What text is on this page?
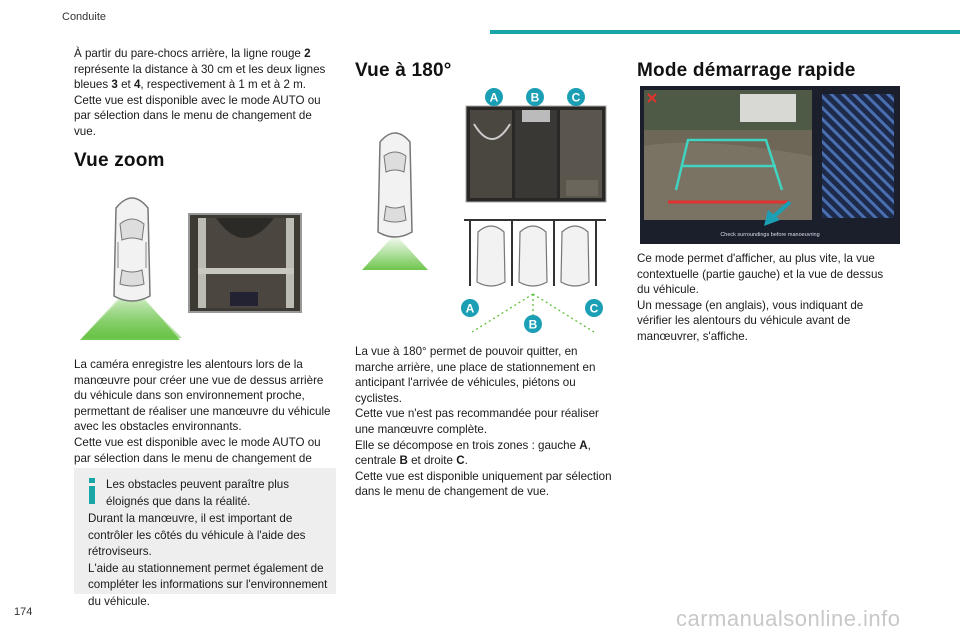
Conduite
À partir du pare-chocs arrière, la ligne rouge 2 représente la distance à 30 cm et les deux lignes bleues 3 et 4, respectivement à 1 m et à 2 m.
Cette vue est disponible avec le mode AUTO ou par sélection dans le menu de changement de vue.
Vue zoom
La caméra enregistre les alentours lors de la manœuvre pour créer une vue de dessus arrière du véhicule dans son environnement proche, permettant de réaliser une manœuvre du véhicule avec les obstacles environnants.
Cette vue est disponible avec le mode AUTO ou par sélection dans le menu de changement de
Les obstacles peuvent paraître plus éloignés que dans la réalité.
Durant la manœuvre, il est important de contrôler les côtés du véhicule à l'aide des rétroviseurs.
L'aide au stationnement permet également de compléter les informations sur l'environnement du véhicule.
Vue à 180°
A	B	C
A
B
C
La vue à 180° permet de pouvoir quitter, en marche arrière, une place de stationnement en anticipant l'arrivée de véhicules, piétons ou cyclistes.
Cette vue n'est pas recommandée pour réaliser une manœuvre complète.
Elle se décompose en trois zones : gauche A,
centrale B et droite C.
Cette vue est disponible uniquement par sélection dans le menu de changement de vue.
Mode démarrage rapide
Check surroundings before manoeuvring
Ce mode permet d'afficher, au plus vite, la vue contextuelle (partie gauche) et la vue de dessus du véhicule.
Un message (en anglais), vous indiquant de vérifier les alentours du véhicule avant de manœuvrer, s'affiche.
174	carmanualsonline.info
